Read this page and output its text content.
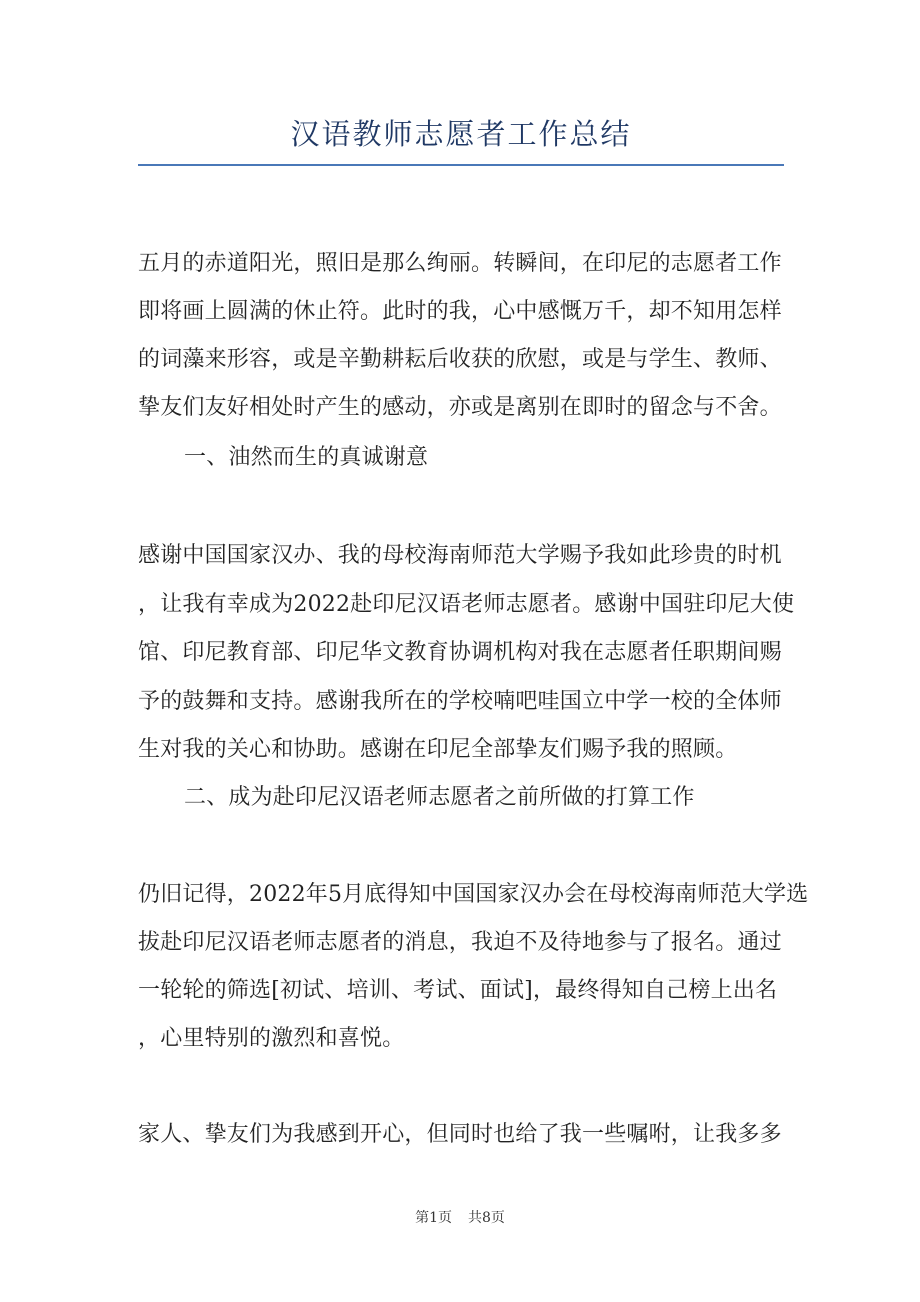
汉语教师志愿者工作总结
五月的赤道阳光，照旧是那么绚丽。转瞬间，在印尼的志愿者工作
即将画上圆满的休止符。此时的我，心中感慨万千，却不知用怎样
的词藻来形容，或是辛勤耕耘后收获的欣慰，或是与学生、教师、
挚友们友好相处时产生的感动，亦或是离别在即时的留念与不舍。
一、油然而生的真诚谢意
感谢中国国家汉办、我的母校海南师范大学赐予我如此珍贵的时机
，让我有幸成为2022赴印尼汉语老师志愿者。感谢中国驻印尼大使
馆、印尼教育部、印尼华文教育协调机构对我在志愿者任职期间赐
予的鼓舞和支持。感谢我所在的学校喃吧哇国立中学一校的全体师
生对我的关心和协助。感谢在印尼全部挚友们赐予我的照顾。
二、成为赴印尼汉语老师志愿者之前所做的打算工作
仍旧记得，2022年5月底得知中国国家汉办会在母校海南师范大学选
拔赴印尼汉语老师志愿者的消息，我迫不及待地参与了报名。通过
一轮轮的筛选[初试、培训、考试、面试]，最终得知自己榜上出名
，心里特别的激烈和喜悦。
家人、挚友们为我感到开心，但同时也给了我一些嘱咐，让我多多
第1页 共8页
